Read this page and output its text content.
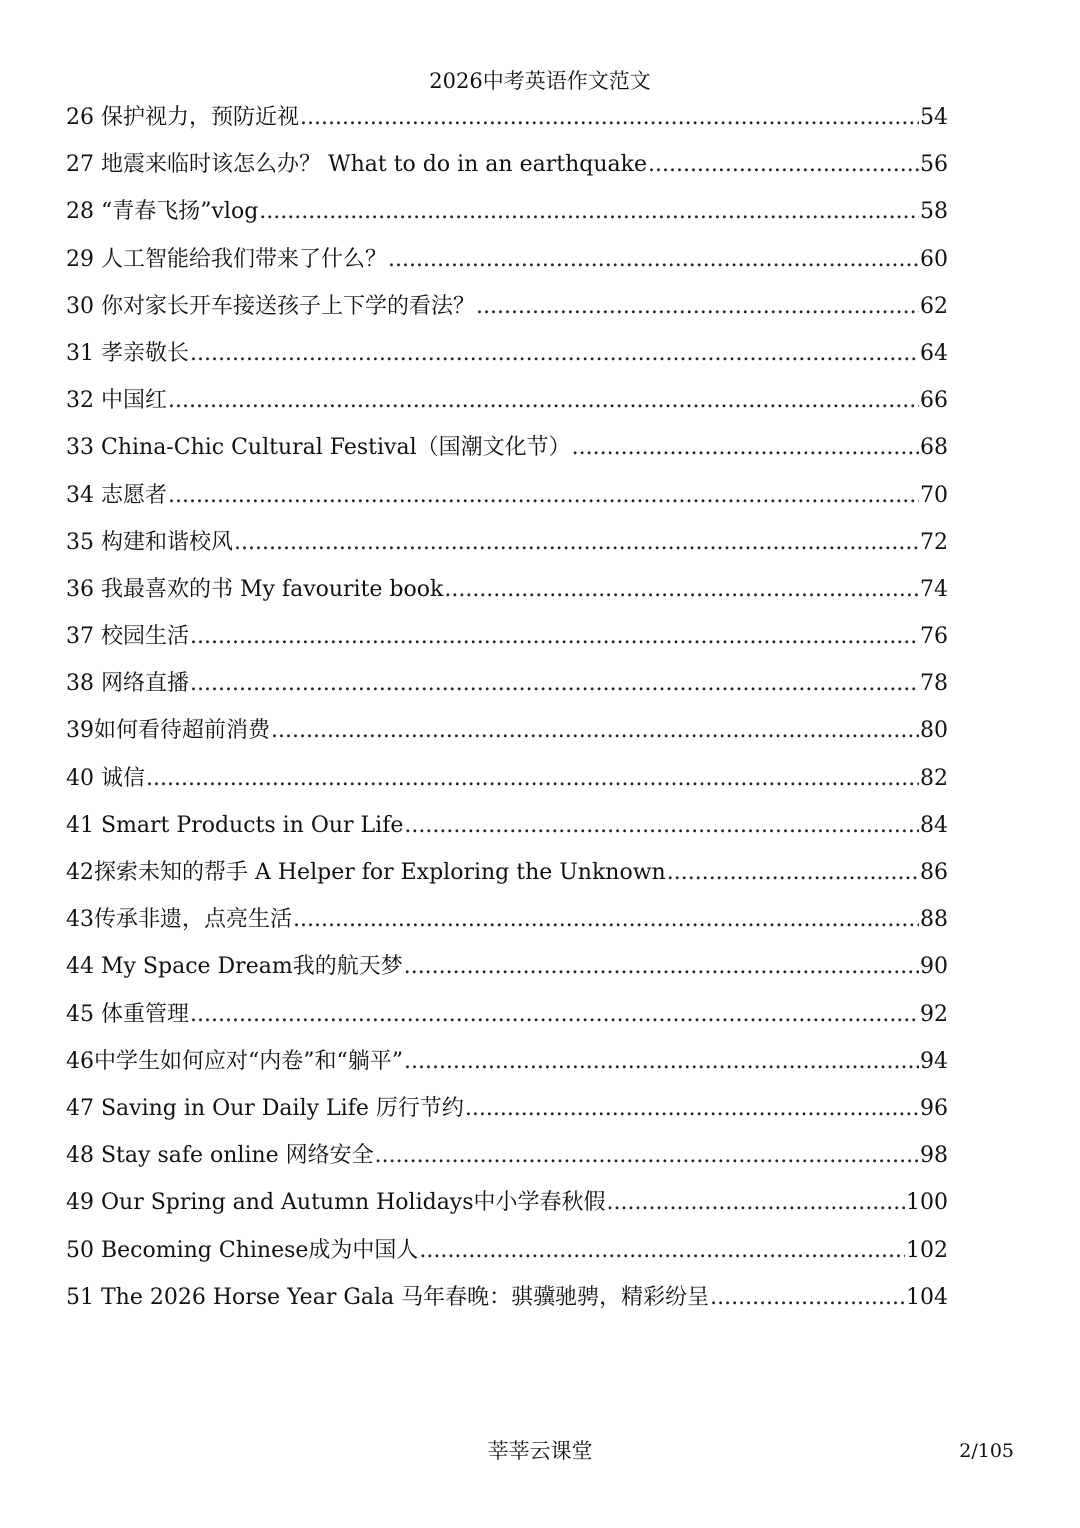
2026中考英语作文范文
26 保护视力，预防近视 .....	54
27 地震来临时该怎么办？ What to do in an earthquake .....	56
28 “青春飞扬”vlog .....	58
29 人工智能给我们带来了什么？ .....	60
30 你对家长开车接送孩子上下学的看法？ .....	62
31 孝亲敬长 .....	64
32 中国红 .....	66
33 China-Chic Cultural Festival（国潮文化节） .....	68
34 志愿者 .....	70
35 构建和谐校风 .....	72
36 我最喜欢的书 My favourite book .....	74
37 校园生活 .....	76
38 网络直播 .....	78
39如何看待超前消费 .....	80
40 诚信 .....	82
41 Smart Products in Our Life .....	84
42探索未知的帮手 A Helper for Exploring the Unknown .....	86
43传承非遗，点亮生活 .....	88
44 My Space Dream我的航天梦 .....	90
45 体重管理 .....	92
46中学生如何应对“内卷”和“躺平” .....	94
47 Saving in Our Daily Life 厉行节约 .....	96
48 Stay safe online 网络安全 .....	98
49 Our Spring and Autumn Holidays中小学春秋假 .....	100
50 Becoming Chinese成为中国人 .....	102
51 The 2026 Horse Year Gala 马年春晚：骐骥驰骋，精彩纷呈 .....	104
莘莘云课堂	2/105
